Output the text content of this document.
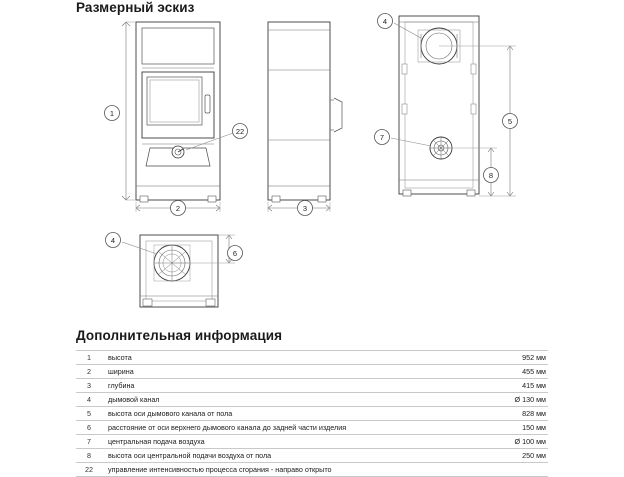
Размерный эскиз
Дополнительная информация
1
2	3
4
5
8
7
22
4
6
1	высота	952 мм
2	ширина	455 мм
3	глубина	415 мм
4	дымовой канал	Ø 130 мм
5	высота оси дымового канала от пола	828 мм
6	расстояние от оси верхнего дымового канала до задней части изделия	150 мм
7	центральная подача воздуха	Ø 100 мм
8	высота оси центральной подачи воздуха от пола	250 мм
22	управление интенсивностью процесса сгорания - направо открыто	
